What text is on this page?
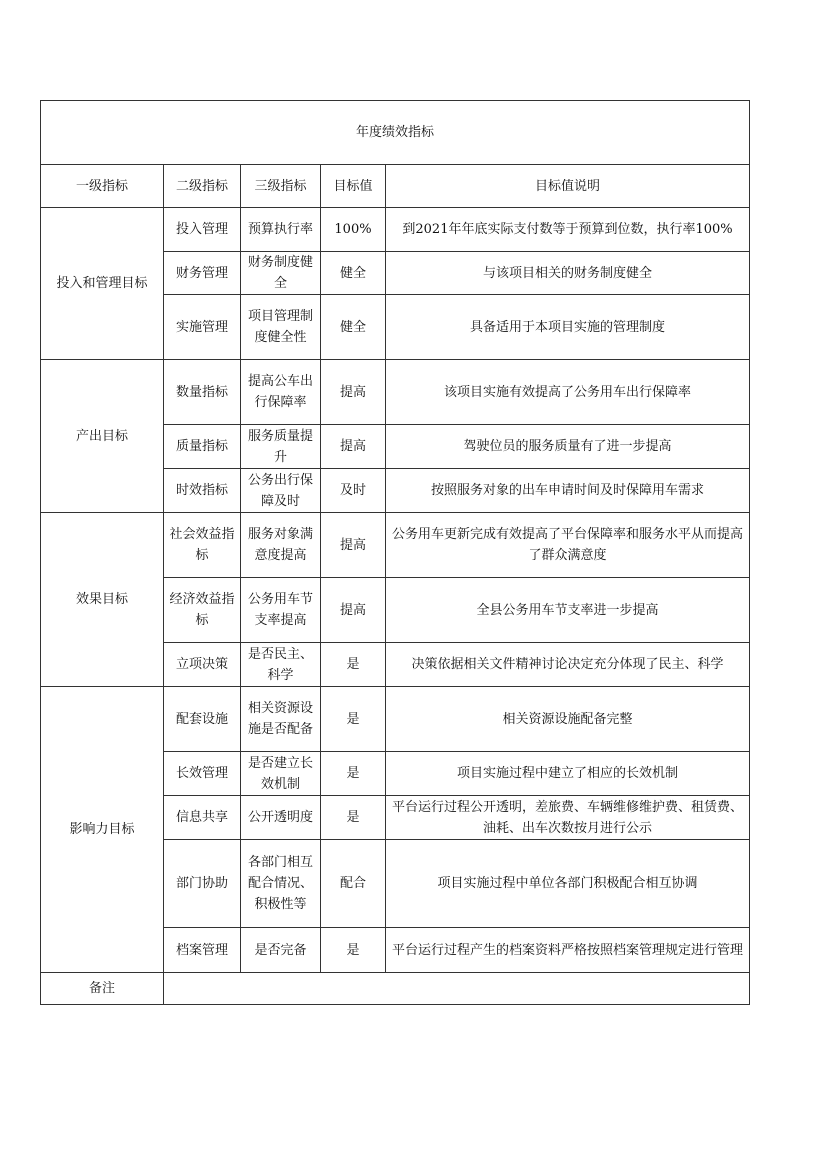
年度绩效指标				
一级指标	二级指标	三级指标	目标值	目标值说明
投入和管理目标	投入管理	预算执行率	100%	到2021年年底实际支付数等于预算到位数，执行率100%
	财务管理	财务制度健全	健全	与该项目相关的财务制度健全
	实施管理	项目管理制度健全性	健全	具备适用于本项目实施的管理制度
产出目标	数量指标	提高公车出行保障率	提高	该项目实施有效提高了公务用车出行保障率
	质量指标	服务质量提升	提高	驾驶位员的服务质量有了进一步提高
	时效指标	公务出行保障及时	及时	按照服务对象的出车申请时间及时保障用车需求
效果目标	社会效益指标	服务对象满意度提高	提高	公务用车更新完成有效提高了平台保障率和服务水平从而提高了群众满意度
	经济效益指标	公务用车节支率提高	提高	全县公务用车节支率进一步提高
	立项决策	是否民主、科学	是	决策依据相关文件精神讨论决定充分体现了民主、科学
影响力目标	配套设施	相关资源设施是否配备	是	相关资源设施配备完整
	长效管理	是否建立长效机制	是	项目实施过程中建立了相应的长效机制
	信息共享	公开透明度	是	平台运行过程公开透明，差旅费、车辆维修维护费、租赁费、油耗、出车次数按月进行公示
	部门协助	各部门相互配合情况、积极性等	配合	项目实施过程中单位各部门积极配合相互协调
	档案管理	是否完备	是	平台运行过程产生的档案资料严格按照档案管理规定进行管理
备注				
